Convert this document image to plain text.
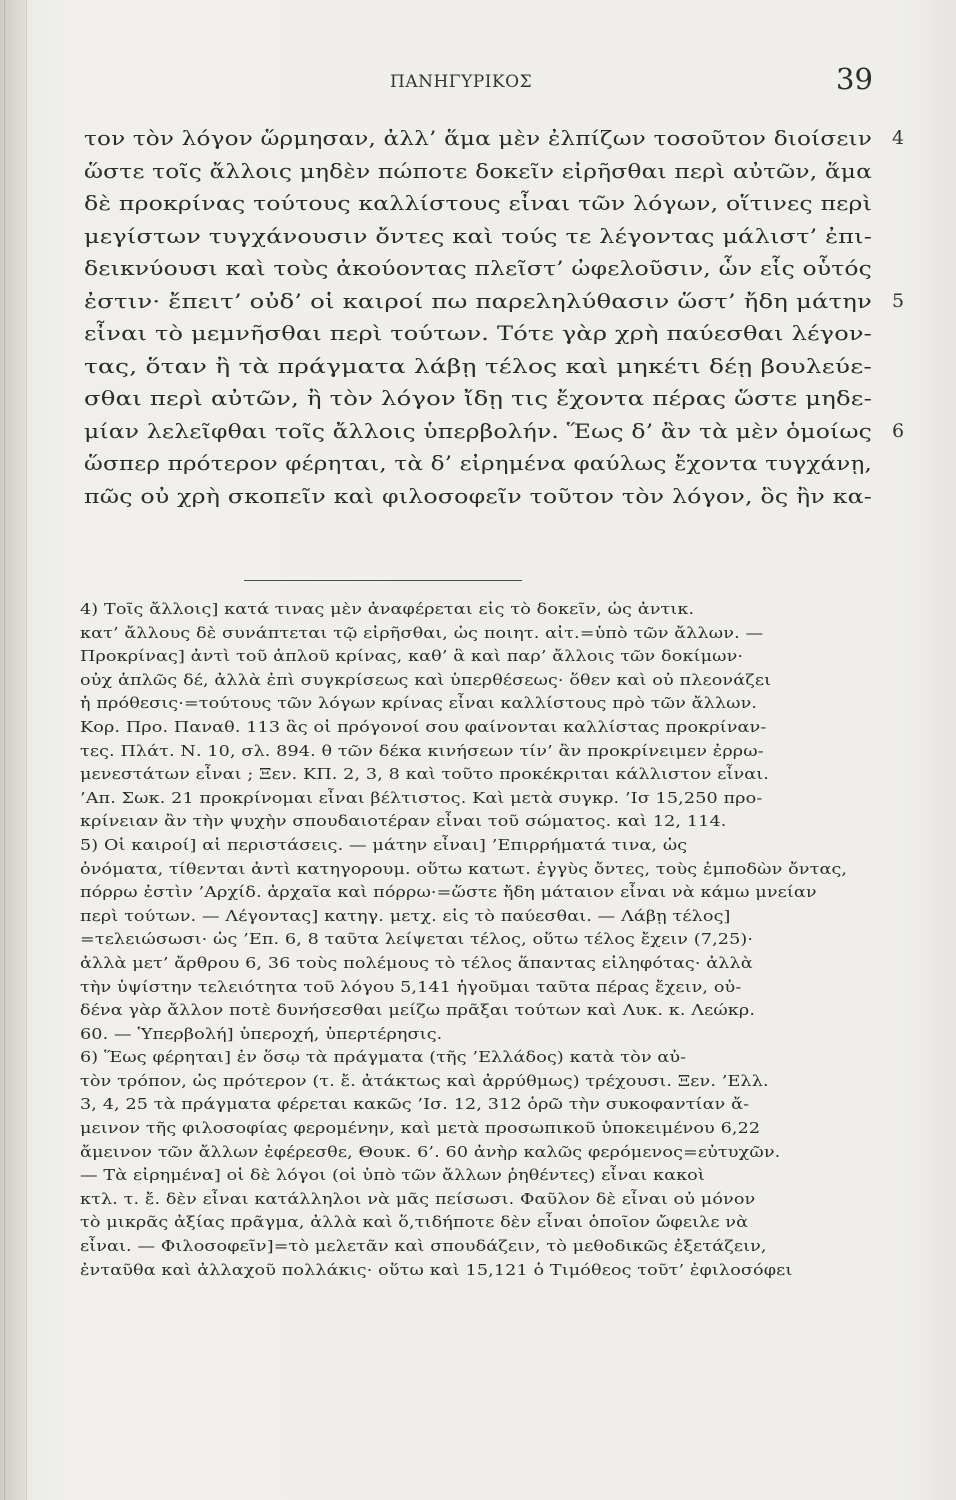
ΠΑΝΗΓΥΡΙΚΟΣ	39
τον τὸν λόγον ὥρμησαν, ἀλλ’ ἅμα μὲν ἐλπίζων τοσοῦτον διοίσειν 4
ὥστε τοῖς ἄλλοις μηδὲν πώποτε δοκεῖν εἰρῆσθαι περὶ αὐτῶν, ἅμα
δὲ προκρίνας τούτους καλλίστους εἶναι τῶν λόγων, οἵτινες περὶ
μεγίστων τυγχάνουσιν ὄντες καὶ τούς τε λέγοντας μάλιστ’ ἐπι-
δεικνύουσι καὶ τοὺς ἀκούοντας πλεῖστ’ ὠφελοῦσιν, ὧν εἷς οὗτός
ἐστιν· ἔπειτ’ οὐδ’ οἱ καιροί πω παρεληλύθασιν ὥστ’ ἤδη μάτην 5
εἶναι τὸ μεμνῆσθαι περὶ τούτων. Τότε γὰρ χρὴ παύεσθαι λέγον-
τας, ὅταν ἢ τὰ πράγματα λάβῃ τέλος καὶ μηκέτι δέῃ βουλεύε-
σθαι περὶ αὐτῶν, ἢ τὸν λόγον ἴδῃ τις ἔχοντα πέρας ὥστε μηδε-
μίαν λελεῖφθαι τοῖς ἄλλοις ὑπερβολήν. Ἕως δ’ ἂν τὰ μὲν ὁμοίως 6
ὥσπερ πρότερον φέρηται, τὰ δ’ εἰρημένα φαύλως ἔχοντα τυγχάνῃ,
πῶς οὐ χρὴ σκοπεῖν καὶ φιλοσοφεῖν τοῦτον τὸν λόγον, ὃς ἢν κα-
4) Τοῖς ἄλλοις] κατά τινας μὲν ἀναφέρεται εἰς τὸ δοκεῖν, ὡς ἀντικ.
κατ’ ἄλλους δὲ συνάπτεται τῷ εἰρῆσθαι, ὡς ποιητ. αἰτ.=ὑπὸ τῶν ἄλλων. —
Προκρίνας] ἀντὶ τοῦ ἁπλοῦ κρίνας, καθ’ ἃ καὶ παρ’ ἄλλοις τῶν δοκίμων·
οὐχ ἁπλῶς δέ, ἀλλὰ ἐπὶ συγκρίσεως καὶ ὑπερθέσεως· ὅθεν καὶ οὐ πλεονάζει
ἡ πρόθεσις·=τούτους τῶν λόγων κρίνας εἶναι καλλίστους πρὸ τῶν ἄλλων.
Κορ. Προ. Παναθ. 113 ἃς οἱ πρόγονοί σου φαίνονται καλλίστας προκρίναν-
τες. Πλάτ. Ν. 10, σλ. 894. θ τῶν δέκα κινήσεων τίν’ ἂν προκρίνειμεν ἐρρω-
μενεστάτων εἶναι ; Ξεν. ΚΠ. 2, 3, 8 καὶ τοῦτο προκέκριται κάλλιστον εἶναι.
’Απ. Σωκ. 21 προκρίνομαι εἶναι βέλτιστος. Καὶ μετὰ συγκρ. ’Ισ 15,250 προ-
κρίνειαν ἂν τὴν ψυχὴν σπουδαιοτέραν εἶναι τοῦ σώματος. καὶ 12, 114.
5) Οἱ καιροί] αἱ περιστάσεις. — μάτην εἶναι] ’Επιρρήματά τινα, ὡς
ὀνόματα, τίθενται ἀντὶ κατηγορουμ. οὕτω κατωτ. ἐγγὺς ὄντες, τοὺς ἐμποδὼν ὄντας,
πόρρω ἐστὶν ’Αρχίδ. ἀρχαῖα καὶ πόρρω·=ὥστε ἤδη μάταιον εἶναι νὰ κάμω μνείαν
περὶ τούτων. — Λέγοντας] κατηγ. μετχ. εἰς τὸ παύεσθαι. — Λάβῃ τέλος]
=τελειώσωσι· ὡς ’Επ. 6, 8 ταῦτα λείψεται τέλος, οὕτω τέλος ἔχειν (7,25)·
ἀλλὰ μετ’ ἄρθρου 6, 36 τοὺς πολέμους τὸ τέλος ἅπαντας εἰληφότας· ἀλλὰ
τὴν ὑψίστην τελειότητα τοῦ λόγου 5,141 ἡγοῦμαι ταῦτα πέρας ἔχειν, οὐ-
δένα γὰρ ἄλλον ποτὲ δυνήσεσθαι μείζω πρᾶξαι τούτων καὶ Λυκ. κ. Λεώκρ.
60. — Ὑπερβολή] ὑπεροχή, ὑπερτέρησις.
6) Ἕως φέρηται] ἐν ὅσῳ τὰ πράγματα (τῆς ’Ελλάδος) κατὰ τὸν αὐ-
τὸν τρόπον, ὡς πρότερον (τ. ἔ. ἀτάκτως καὶ ἀρρύθμως) τρέχουσι. Ξεν. ’Ελλ.
3, 4, 25 τὰ πράγματα φέρεται κακῶς ’Ισ. 12, 312 ὁρῶ τὴν συκοφαντίαν ἄ-
μεινον τῆς φιλοσοφίας φερομένην, καὶ μετὰ προσωπικοῦ ὑποκειμένου 6,22
ἄμεινον τῶν ἄλλων ἐφέρεσθε, Θουκ. 6’. 60 ἀνὴρ καλῶς φερόμενος=εὐτυχῶν.
— Τὰ εἰρημένα] οἱ δὲ λόγοι (οἱ ὑπὸ τῶν ἄλλων ῥηθέντες) εἶναι κακοὶ
κτλ. τ. ἔ. δὲν εἶναι κατάλληλοι νὰ μᾶς πείσωσι. Φαῦλον δὲ εἶναι οὐ μόνον
τὸ μικρᾶς ἀξίας πρᾶγμα, ἀλλὰ καὶ ὅ,τιδήποτε δὲν εἶναι ὁποῖον ὤφειλε νὰ
εἶναι. — Φιλοσοφεῖν]=τὸ μελετᾶν καὶ σπουδάζειν, τὸ μεθοδικῶς ἐξετάζειν,
ἐνταῦθα καὶ ἀλλαχοῦ πολλάκις· οὕτω καὶ 15,121 ὁ Τιμόθεος τοῦτ’ ἐφιλοσόφει
